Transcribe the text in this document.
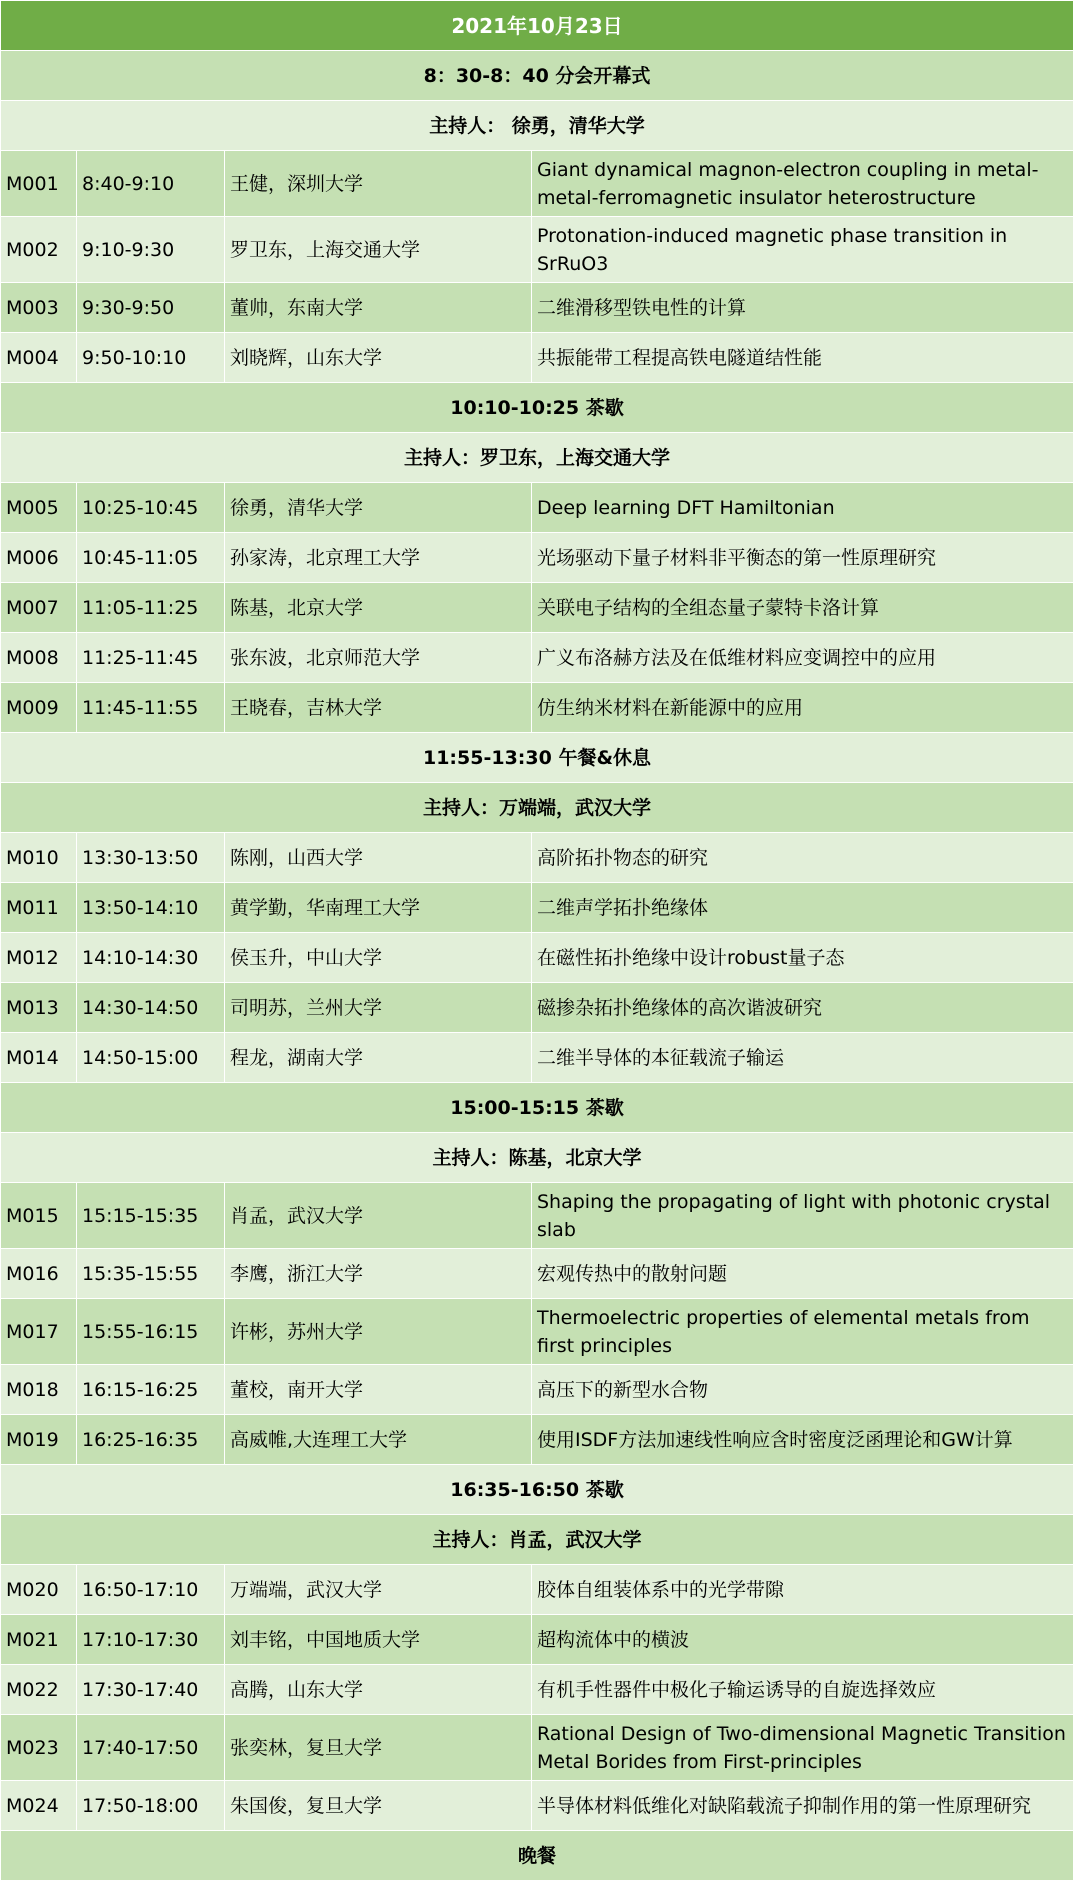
2021年10月23日			
8：30-8：40 分会开幕式			
主持人： 徐勇，清华大学			
M001	8:40-9:10	王健，深圳大学	Giant dynamical magnon-electron coupling in metal-metal-ferromagnetic insulator heterostructure
M002	9:10-9:30	罗卫东，上海交通大学	Protonation-induced magnetic phase transition in SrRuO3
M003	9:30-9:50	董帅，东南大学	二维滑移型铁电性的计算
M004	9:50-10:10	刘晓辉，山东大学	共振能带工程提高铁电隧道结性能
10:10-10:25 茶歇			
主持人：罗卫东，上海交通大学			
M005	10:25-10:45	徐勇，清华大学	Deep learning DFT Hamiltonian
M006	10:45-11:05	孙家涛，北京理工大学	光场驱动下量子材料非平衡态的第一性原理研究
M007	11:05-11:25	陈基，北京大学	关联电子结构的全组态量子蒙特卡洛计算
M008	11:25-11:45	张东波，北京师范大学	广义布洛赫方法及在低维材料应变调控中的应用
M009	11:45-11:55	王晓春，吉林大学	仿生纳米材料在新能源中的应用
11:55-13:30 午餐&休息			
主持人：万端端，武汉大学			
M010	13:30-13:50	陈刚，山西大学	高阶拓扑物态的研究
M011	13:50-14:10	黄学勤，华南理工大学	二维声学拓扑绝缘体
M012	14:10-14:30	侯玉升，中山大学	在磁性拓扑绝缘中设计robust量子态
M013	14:30-14:50	司明苏，兰州大学	磁掺杂拓扑绝缘体的高次谐波研究
M014	14:50-15:00	程龙，湖南大学	二维半导体的本征载流子输运
15:00-15:15 茶歇			
主持人：陈基，北京大学			
M015	15:15-15:35	肖孟，武汉大学	Shaping the propagating of light with photonic crystal slab
M016	15:35-15:55	李鹰，浙江大学	宏观传热中的散射问题
M017	15:55-16:15	许彬，苏州大学	Thermoelectric properties of elemental metals from first principles
M018	16:15-16:25	董校，南开大学	高压下的新型水合物
M019	16:25-16:35	高威帷,大连理工大学	使用ISDF方法加速线性响应含时密度泛函理论和GW计算
16:35-16:50 茶歇			
主持人：肖孟，武汉大学			
M020	16:50-17:10	万端端，武汉大学	胶体自组装体系中的光学带隙
M021	17:10-17:30	刘丰铭，中国地质大学	超构流体中的横波
M022	17:30-17:40	高腾，山东大学	有机手性器件中极化子输运诱导的自旋选择效应
M023	17:40-17:50	张奕林，复旦大学	Rational Design of Two-dimensional Magnetic Transition Metal Borides from First-principles
M024	17:50-18:00	朱国俊，复旦大学	半导体材料低维化对缺陷载流子抑制作用的第一性原理研究
晚餐			
